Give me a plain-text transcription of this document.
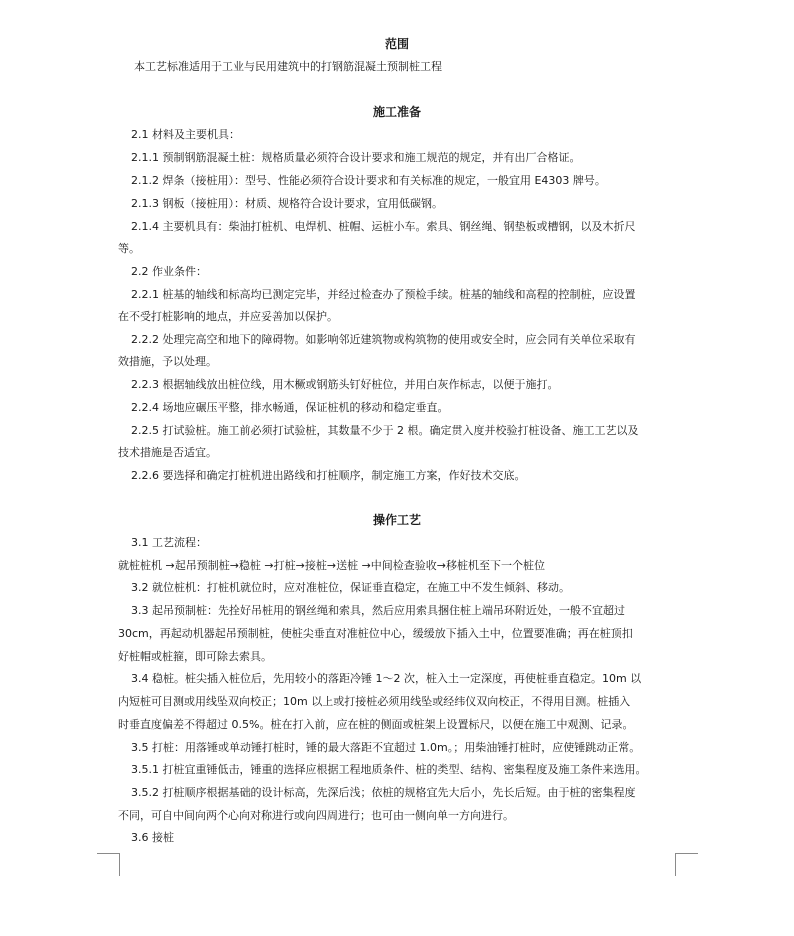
范围
本工艺标准适用于工业与民用建筑中的打钢筋混凝土预制桩工程
施工准备
2.1 材料及主要机具：
2.1.1 预制钢筋混凝土桩：规格质量必须符合设计要求和施工规范的规定，并有出厂合格证。
2.1.2 焊条（接桩用）：型号、性能必须符合设计要求和有关标准的规定，一般宜用 E4303 牌号。
2.1.3 钢板（接桩用）：材质、规格符合设计要求，宜用低碳钢。
2.1.4 主要机具有：柴油打桩机、电焊机、桩帽、运桩小车。索具、钢丝绳、钢垫板或槽钢，以及木折尺
等。
2.2 作业条件：
2.2.1 桩基的轴线和标高均已测定完毕，并经过检查办了预检手续。桩基的轴线和高程的控制桩，应设置
在不受打桩影响的地点，并应妥善加以保护。
2.2.2 处理完高空和地下的障碍物。如影响邻近建筑物或构筑物的使用或安全时，应会同有关单位采取有
效措施，予以处理。
2.2.3 根据轴线放出桩位线，用木橛或钢筋头钉好桩位，并用白灰作标志，以便于施打。
2.2.4 场地应碾压平整，排水畅通，保证桩机的移动和稳定垂直。
2.2.5 打试验桩。施工前必须打试验桩，其数量不少于 2 根。确定贯入度并校验打桩设备、施工工艺以及
技术措施是否适宜。
2.2.6 要选择和确定打桩机进出路线和打桩顺序，制定施工方案，作好技术交底。
操作工艺
3.1 工艺流程：
就桩桩机 →起吊预制桩→稳桩 →打桩→接桩→送桩 →中间检查验收→移桩机至下一个桩位
3.2 就位桩机：打桩机就位时，应对准桩位，保证垂直稳定，在施工中不发生倾斜、移动。
3.3 起吊预制桩：先拴好吊桩用的钢丝绳和索具，然后应用索具捆住桩上端吊环附近处，一般不宜超过
30cm，再起动机器起吊预制桩，使桩尖垂直对准桩位中心，缓缓放下插入土中，位置要准确；再在桩顶扣
好桩帽或桩箍，即可除去索具。
3.4 稳桩。桩尖插入桩位后，先用较小的落距冷锤 1～2 次，桩入土一定深度，再使桩垂直稳定。10m 以
内短桩可目测或用线坠双向校正；10m 以上或打接桩必须用线坠或经纬仪双向校正，不得用目测。桩插入
时垂直度偏差不得超过 0.5%。桩在打入前，应在桩的侧面或桩架上设置标尺，以便在施工中观测、记录。
3.5 打桩：用落锤或单动锤打桩时，锤的最大落距不宜超过 1.0m。；用柴油锤打桩时，应使锤跳动正常。
3.5.1 打桩宜重锤低击，锤重的选择应根据工程地质条件、桩的类型、结构、密集程度及施工条件来选用。
3.5.2 打桩顺序根据基础的设计标高，先深后浅；依桩的规格宜先大后小，先长后短。由于桩的密集程度
不同，可自中间向两个心向对称进行或向四周进行；也可由一侧向单一方向进行。
3.6 接桩
